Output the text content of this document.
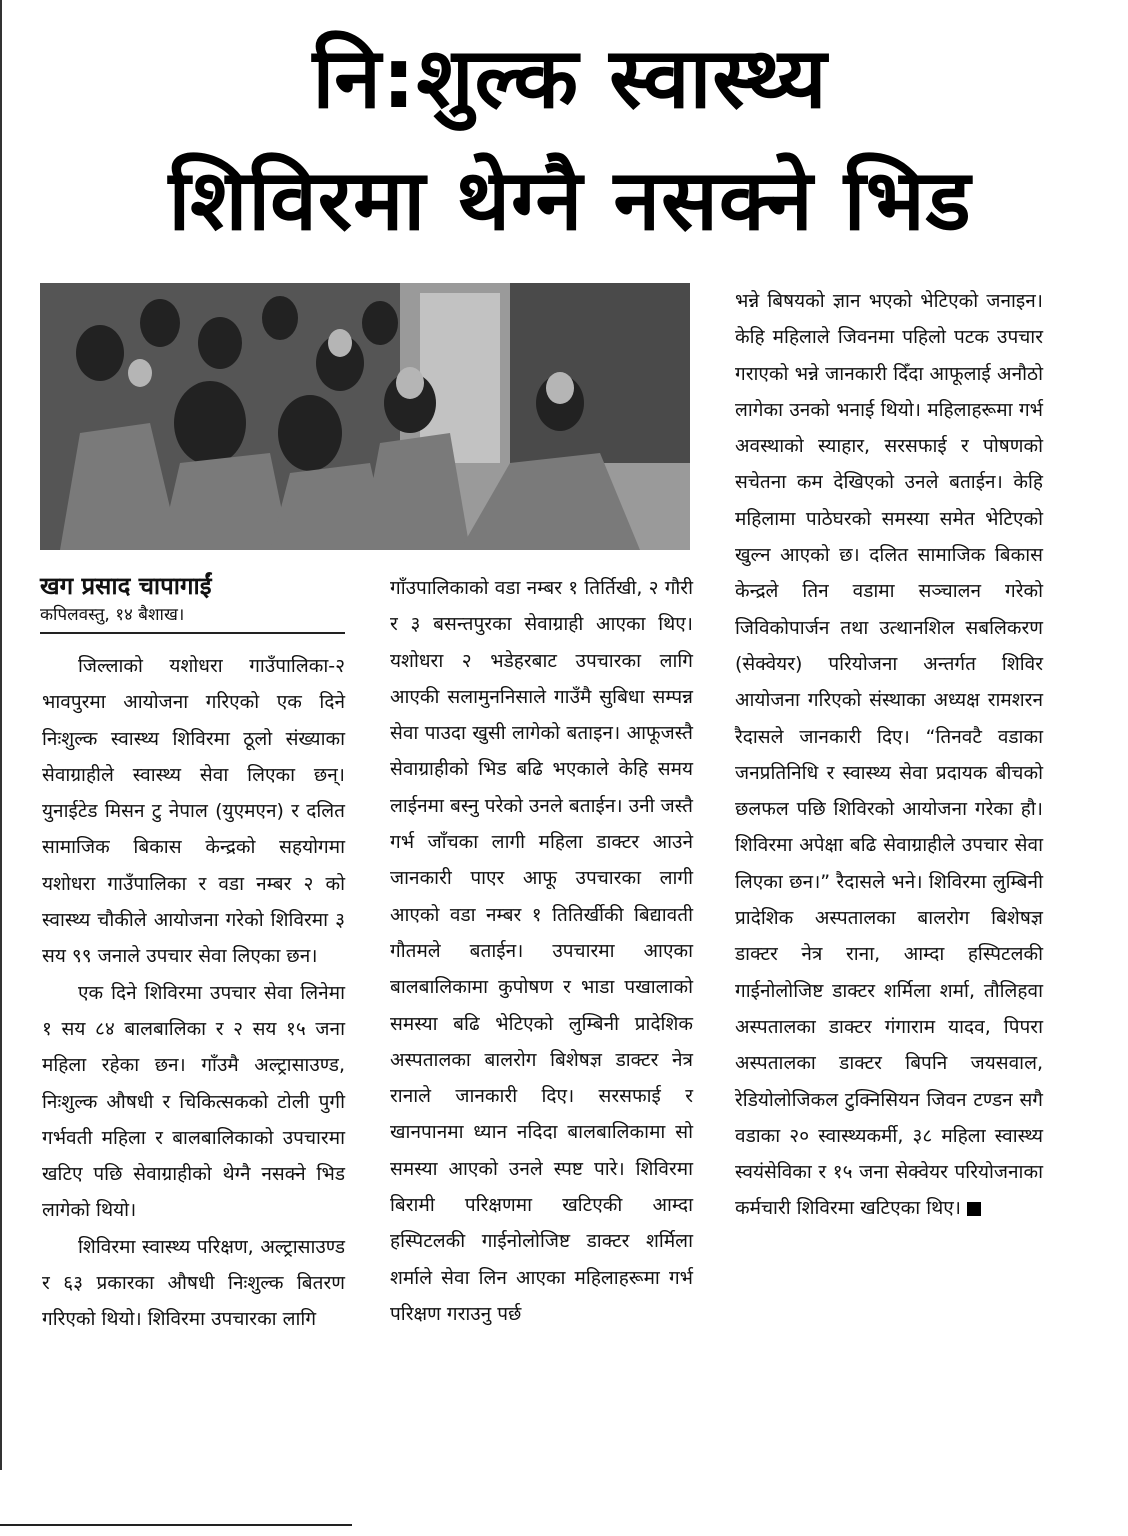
नि:शुल्क स्वास्थ्य
शिविरमा थेग्नै नसक्ने भिड
खग प्रसाद चापागाईं
कपिलवस्तु, १४ बैशाख।

जिल्लाको यशोधरा गाउँपालिका-२ भावपुरमा आयोजना गरिएको एक दिने निःशुल्क स्वास्थ्य शिविरमा ठूलो संख्याका सेवाग्राहीले स्वास्थ्य सेवा लिएका छन्। युनाईटेड मिसन टु नेपाल (युएमएन) र दलित सामाजिक बिकास केन्द्रको सहयोगमा यशोधरा गाउँपालिका र वडा नम्बर २ को स्वास्थ्य चौकीले आयोजना गरेको शिविरमा ३ सय ९९ जनाले उपचार सेवा लिएका छन।

एक दिने शिविरमा उपचार सेवा लिनेमा १ सय ८४ बालबालिका र २ सय १५ जना महिला रहेका छन। गाँउमै अल्ट्रासाउण्ड, निःशुल्क औषधी र चिकित्सकको टोली पुगी गर्भवती महिला र बालबालिकाको उपचारमा खटिए पछि सेवाग्राहीको थेग्नै नसक्ने भिड लागेको थियो।

शिविरमा स्वास्थ्य परिक्षण, अल्ट्रासाउण्ड र ६३ प्रकारका औषधी निःशुल्क बितरण गरिएको थियो। शिविरमा उपचारका लागि

गाँउपालिकाको वडा नम्बर १ तिर्तिखी, २ गौरी र ३ बसन्तपुरका सेवाग्राही आएका थिए। यशोधरा २ भडेहरबाट उपचारका लागि आएकी सलामुननिसाले गाउँमै सुबिधा सम्पन्न सेवा पाउदा खुसी लागेको बताइन। आफूजस्तै सेवाग्राहीको भिड बढि भएकाले केहि समय लाईनमा बस्नु परेको उनले बताईन। उनी जस्तै गर्भ जाँचका लागी महिला डाक्टर आउने जानकारी पाएर आफू उपचारका लागी आएको वडा नम्बर १ तितिर्खीकी बिद्यावती गौतमले बताईन। उपचारमा आएका बालबालिकामा कुपोषण र भाडा पखालाको समस्या बढि भेटिएको लुम्बिनी प्रादेशिक अस्पतालका बालरोग बिशेषज्ञ डाक्टर नेत्र रानाले जानकारी दिए। सरसफाई र खानपानमा ध्यान नदिदा बालबालिकामा सो समस्या आएको उनले स्पष्ट पारे। शिविरमा बिरामी परिक्षणमा खटिएकी आम्दा हस्पिटलकी गाईनोलोजिष्ट डाक्टर शर्मिला शर्माले सेवा लिन आएका महिलाहरूमा गर्भ परिक्षण गराउनु पर्छ

भन्ने बिषयको ज्ञान भएको भेटिएको जनाइन। केहि महिलाले जिवनमा पहिलो पटक उपचार गराएको भन्ने जानकारी दिँदा आफूलाई अनौठो लागेका उनको भनाई थियो। महिलाहरूमा गर्भ अवस्थाको स्याहार, सरसफाई र पोषणको सचेतना कम देखिएको उनले बताईन। केहि महिलामा पाठेघरको समस्या समेत भेटिएको खुल्न आएको छ। दलित सामाजिक बिकास केन्द्रले तिन वडामा सञ्चालन गरेको जिविकोपार्जन तथा उत्थानशिल सबलिकरण (सेक्वेयर) परियोजना अन्तर्गत शिविर आयोजना गरिएको संस्थाका अध्यक्ष रामशरन रैदासले जानकारी दिए। “तिनवटै वडाका जनप्रतिनिधि र स्वास्थ्य सेवा प्रदायक बीचको छलफल पछि शिविरको आयोजना गरेका हौ। शिविरमा अपेक्षा बढि सेवाग्राहीले उपचार सेवा लिएका छन।” रैदासले भने। शिविरमा लुम्बिनी प्रादेशिक अस्पतालका बालरोग बिशेषज्ञ डाक्टर नेत्र राना, आम्दा हस्पिटलकी गाईनोलोजिष्ट डाक्टर शर्मिला शर्मा, तौलिहवा अस्पतालका डाक्टर गंगाराम यादव, पिपरा अस्पतालका डाक्टर बिपनि जयसवाल, रेडियोलोजिकल टुक्निसियन जिवन टण्डन सगै वडाका २० स्वास्थ्यकर्मी, ३८ महिला स्वास्थ्य स्वयंसेविका र १५ जना सेक्वेयर परियोजनाका कर्मचारी शिविरमा खटिएका थिए।
